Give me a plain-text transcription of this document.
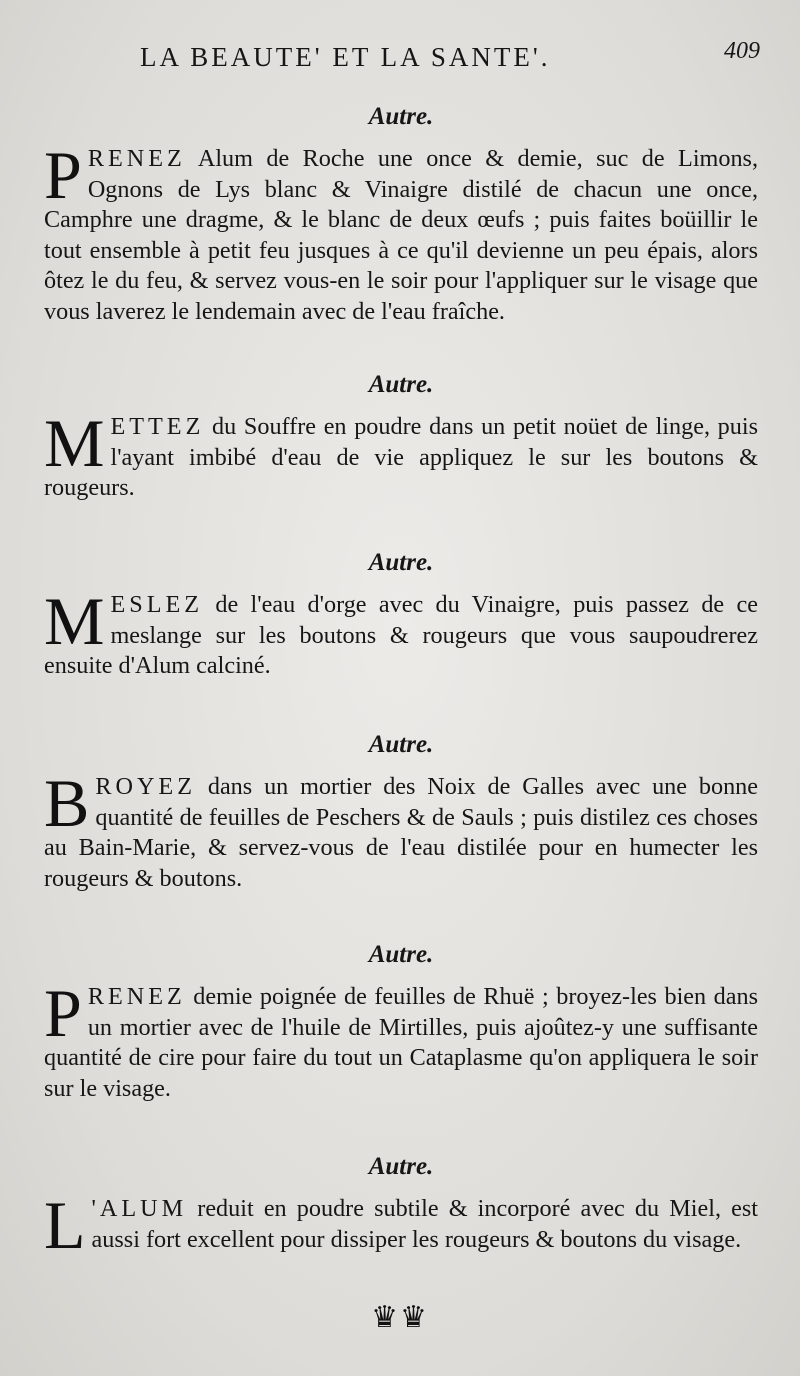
LA BEAUTE' ET LA SANTE'.	409
Autre.
PRENEZ Alum de Roche une once & demie, suc de Limons, Ognons de Lys blanc & Vinaigre distilé de chacun une once, Camphre une dragme, & le blanc de deux œufs ; puis faites boüillir le tout ensemble à petit feu jusques à ce qu'il devienne un peu épais, alors ôtez le du feu, & servez vous-en le soir pour l'appliquer sur le visage que vous laverez le lendemain avec de l'eau fraîche.
Autre.
METTEZ du Souffre en poudre dans un petit noüet de linge, puis l'ayant imbibé d'eau de vie appliquez le sur les boutons & rougeurs.
Autre.
MESLEZ de l'eau d'orge avec du Vinaigre, puis passez de ce meslange sur les boutons & rougeurs que vous saupoudrerez ensuite d'Alum calciné.
Autre.
BROYEZ dans un mortier des Noix de Galles avec une bonne quantité de feuilles de Peschers & de Sauls ; puis distilez ces choses au Bain-Marie, & servez-vous de l'eau distilée pour en humecter les rougeurs & boutons.
Autre.
PRENEZ demie poignée de feuilles de Rhuë ; broyez-les bien dans un mortier avec de l'huile de Mirtilles, puis ajoûtez-y une suffisante quantité de cire pour faire du tout un Cataplasme qu'on appliquera le soir sur le visage.
Autre.
L 'ALUM reduit en poudre subtile & incorporé avec du Miel, est aussi fort excellent pour dissiper les rougeurs & boutons du visage.
♛♛
